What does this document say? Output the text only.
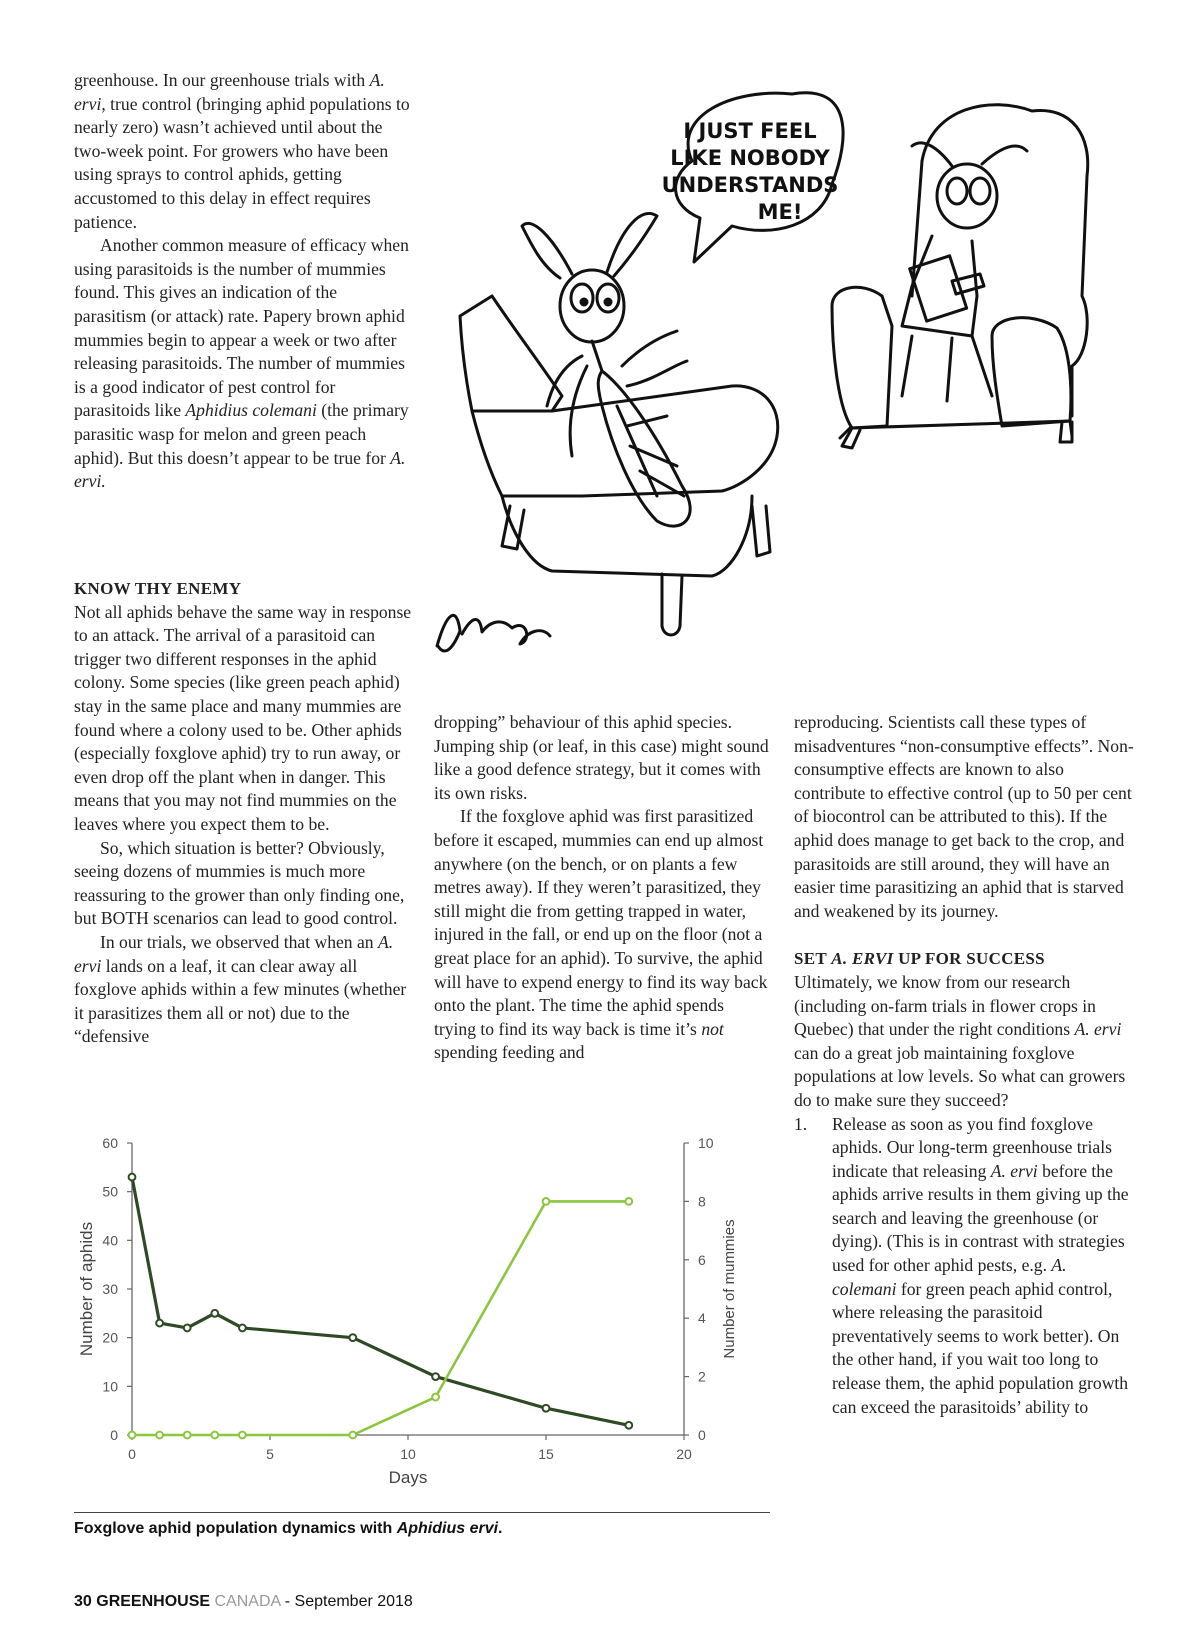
greenhouse. In our greenhouse trials with A. ervi, true control (bringing aphid populations to nearly zero) wasn’t achieved until about the two-week point. For growers who have been using sprays to control aphids, getting accustomed to this delay in effect requires patience.

Another common measure of efficacy when using parasitoids is the number of mummies found. This gives an indication of the parasitism (or attack) rate. Papery brown aphid mummies begin to appear a week or two after releasing parasitoids. The number of mummies is a good indicator of pest control for parasitoids like Aphidius colemani (the primary parasitic wasp for melon and green peach aphid). But this doesn’t appear to be true for A. ervi.

KNOW THY ENEMY

Not all aphids behave the same way in response to an attack. The arrival of a parasitoid can trigger two different responses in the aphid colony. Some species (like green peach aphid) stay in the same place and many mummies are found where a colony used to be. Other aphids (especially foxglove aphid) try to run away, or even drop off the plant when in danger. This means that you may not find mummies on the leaves where you expect them to be.

So, which situation is better? Obviously, seeing dozens of mummies is much more reassuring to the grower than only finding one, but BOTH scenarios can lead to good control.

In our trials, we observed that when an A. ervi lands on a leaf, it can clear away all foxglove aphids within a few minutes (whether it parasitizes them all or not) due to the “defensive

dropping” behaviour of this aphid species. Jumping ship (or leaf, in this case) might sound like a good defence strategy, but it comes with its own risks.

If the foxglove aphid was first parasitized before it escaped, mummies can end up almost anywhere (on the bench, or on plants a few metres away). If they weren’t parasitized, they still might die from getting trapped in water, injured in the fall, or end up on the floor (not a great place for an aphid). To survive, the aphid will have to expend energy to find its way back onto the plant. The time the aphid spends trying to find its way back is time it’s not spending feeding and

reproducing. Scientists call these types of misadventures “non-consumptive effects”. Non-consumptive effects are known to also contribute to effective control (up to 50 per cent of biocontrol can be attributed to this). If the aphid does manage to get back to the crop, and parasitoids are still around, they will have an easier time parasitizing an aphid that is starved and weakened by its journey.

SET A. ERVI UP FOR SUCCESS

Ultimately, we know from our research (including on-farm trials in flower crops in Quebec) that under the right conditions A. ervi can do a great job maintaining foxglove populations at low levels. So what can growers do to make sure they succeed?

1. Release as soon as you find foxglove aphids. Our long-term greenhouse trials indicate that releasing A. ervi before the aphids arrive results in them giving up the search and leaving the greenhouse (or dying). (This is in contrast with strategies used for other aphid pests, e.g. A. colemani for green peach aphid control, where releasing the parasitoid preventatively seems to work better). On the other hand, if you wait too long to release them, the aphid population growth can exceed the parasitoids’ ability to
I JUST FEEL
LIKE NOBODY
UNDERSTANDS
ME!
0
10
20
30
40
50
60
0
2
4
6
8
10
0	5	10	15	20
Days
Number of aphids	Number of mummies
Foxglove aphid population dynamics with Aphidius ervi.
30 GREENHOUSE CANADA - September 2018
